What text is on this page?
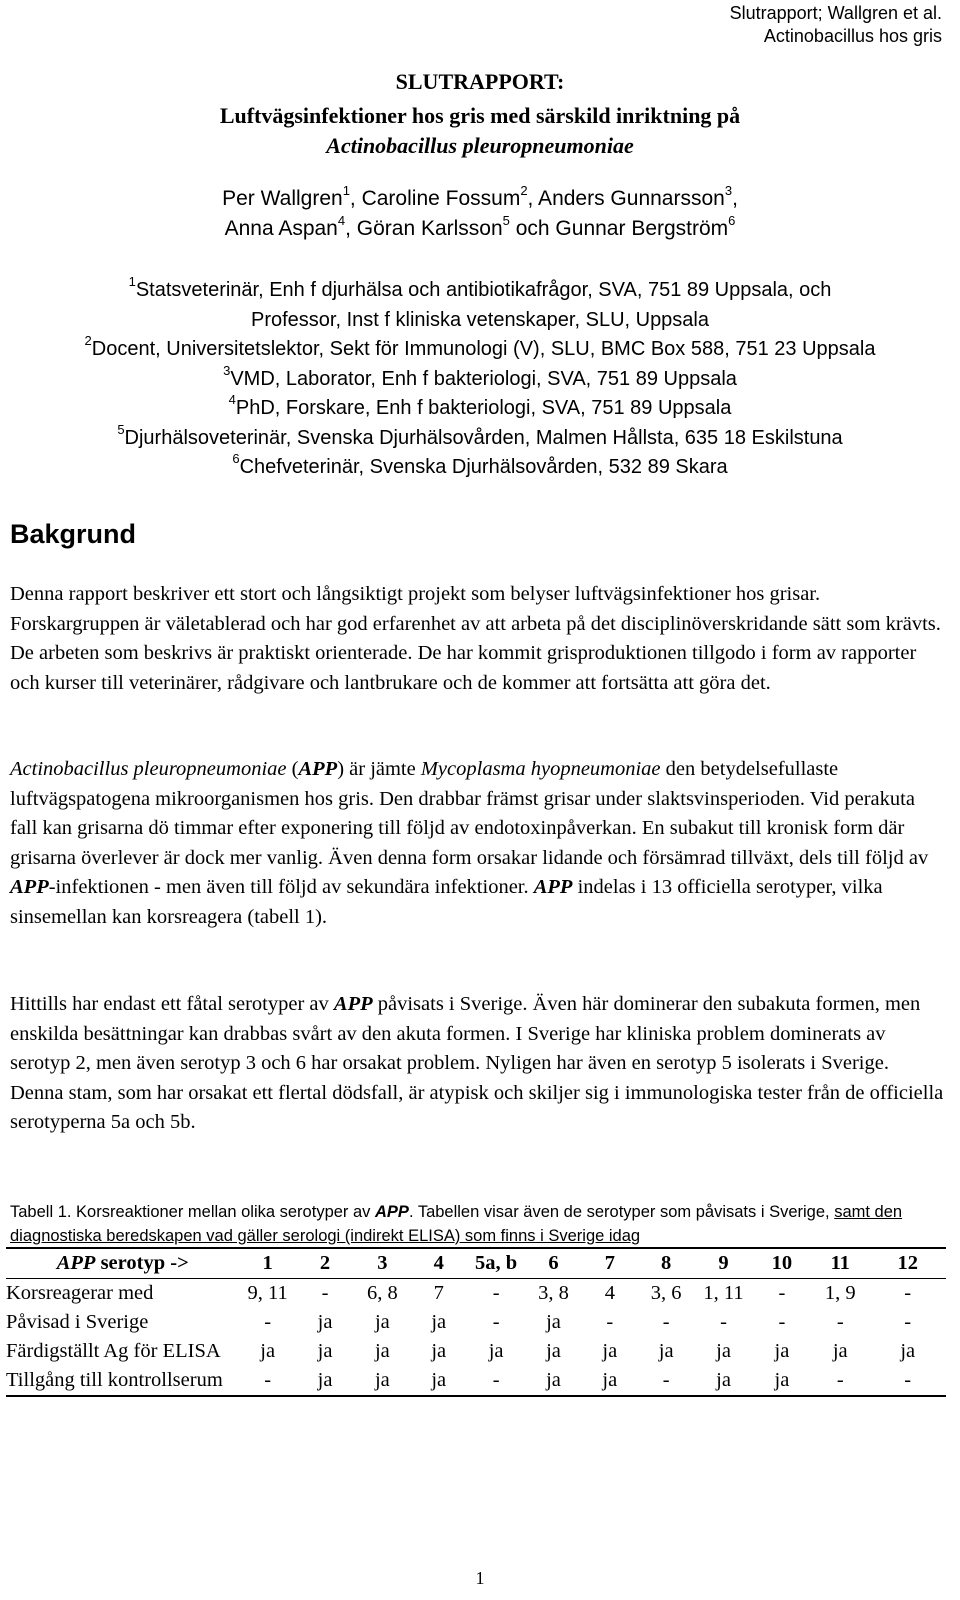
Slutrapport; Wallgren et al.
Actinobacillus hos gris
SLUTRAPPORT:
Luftvägsinfektioner hos gris med särskild inriktning på
Actinobacillus pleuropneumoniae
Per Wallgren$^1$, Caroline Fossum$^2$, Anders Gunnarsson$^3$,
Anna Aspan$^4$, Göran Karlsson$^5$ och Gunnar Bergström$^6$
$^1$Statsveterinär, Enh f djurhälsa och antibiotikafrågor, SVA, 751 89 Uppsala, och
Professor, Inst f kliniska vetenskaper, SLU, Uppsala
$^2$Docent, Universitetslektor, Sekt för Immunologi (V), SLU, BMC Box 588, 751 23 Uppsala
$^3$VMD, Laborator, Enh f bakteriologi, SVA, 751 89 Uppsala
$^4$PhD, Forskare, Enh f bakteriologi, SVA, 751 89 Uppsala
$^5$Djurhälsoveterinär, Svenska Djurhälsovården, Malmen Hållsta, 635 18 Eskilstuna
$^6$Chefveterinär, Svenska Djurhälsovården, 532 89 Skara
Bakgrund
Denna rapport beskriver ett stort och långsiktigt projekt som belyser luftvägsinfektioner hos grisar. Forskargruppen är väletablerad och har god erfarenhet av att arbeta på det disciplinöverskridande sätt som krävts. De arbeten som beskrivs är praktiskt orienterade. De har kommit grisproduktionen tillgodo i form av rapporter och kurser till veterinärer, rådgivare och lantbrukare och de kommer att fortsätta att göra det.
Actinobacillus pleuropneumoniae (APP) är jämte Mycoplasma hyopneumoniae den betydelsefullaste luftvägspatogena mikroorganismen hos gris. Den drabbar främst grisar under slaktsvinsperioden. Vid perakuta fall kan grisarna dö timmar efter exponering till följd av endotoxinpåverkan. En subakut till kronisk form där grisarna överlever är dock mer vanlig. Även denna form orsakar lidande och försämrad tillväxt, dels till följd av APP-infektionen - men även till följd av sekundära infektioner. APP indelas i 13 officiella serotyper, vilka sinsemellan kan korsreagera (tabell 1).
Hittills har endast ett fåtal serotyper av APP påvisats i Sverige. Även här dominerar den subakuta formen, men enskilda besättningar kan drabbas svårt av den akuta formen. I Sverige har kliniska problem dominerats av serotyp 2, men även serotyp 3 och 6 har orsakat problem. Nyligen har även en serotyp 5 isolerats i Sverige. Denna stam, som har orsakat ett flertal dödsfall, är atypisk och skiljer sig i immunologiska tester från de officiella serotyperna 5a och 5b.
Tabell 1. Korsreaktioner mellan olika serotyper av APP. Tabellen visar även de serotyper som påvisats i Sverige, samt den diagnostiska beredskapen vad gäller serologi (indirekt ELISA) som finns i Sverige idag
APP serotyp ->	1	2	3	4	5a, b	6	7	8	9	10	11	12
Korsreagerar med	9, 11	-	6, 8	7	-	3, 8	4	3, 6	1, 11	-	1, 9	-
Påvisad i Sverige	-	ja	ja	ja	-	ja	-	-	-	-	-	-
Färdigställt Ag för ELISA	ja	ja	ja	ja	ja	ja	ja	ja	ja	ja	ja	ja
Tillgång till kontrollserum	-	ja	ja	ja	-	ja	ja	-	ja	ja	-	-
1
